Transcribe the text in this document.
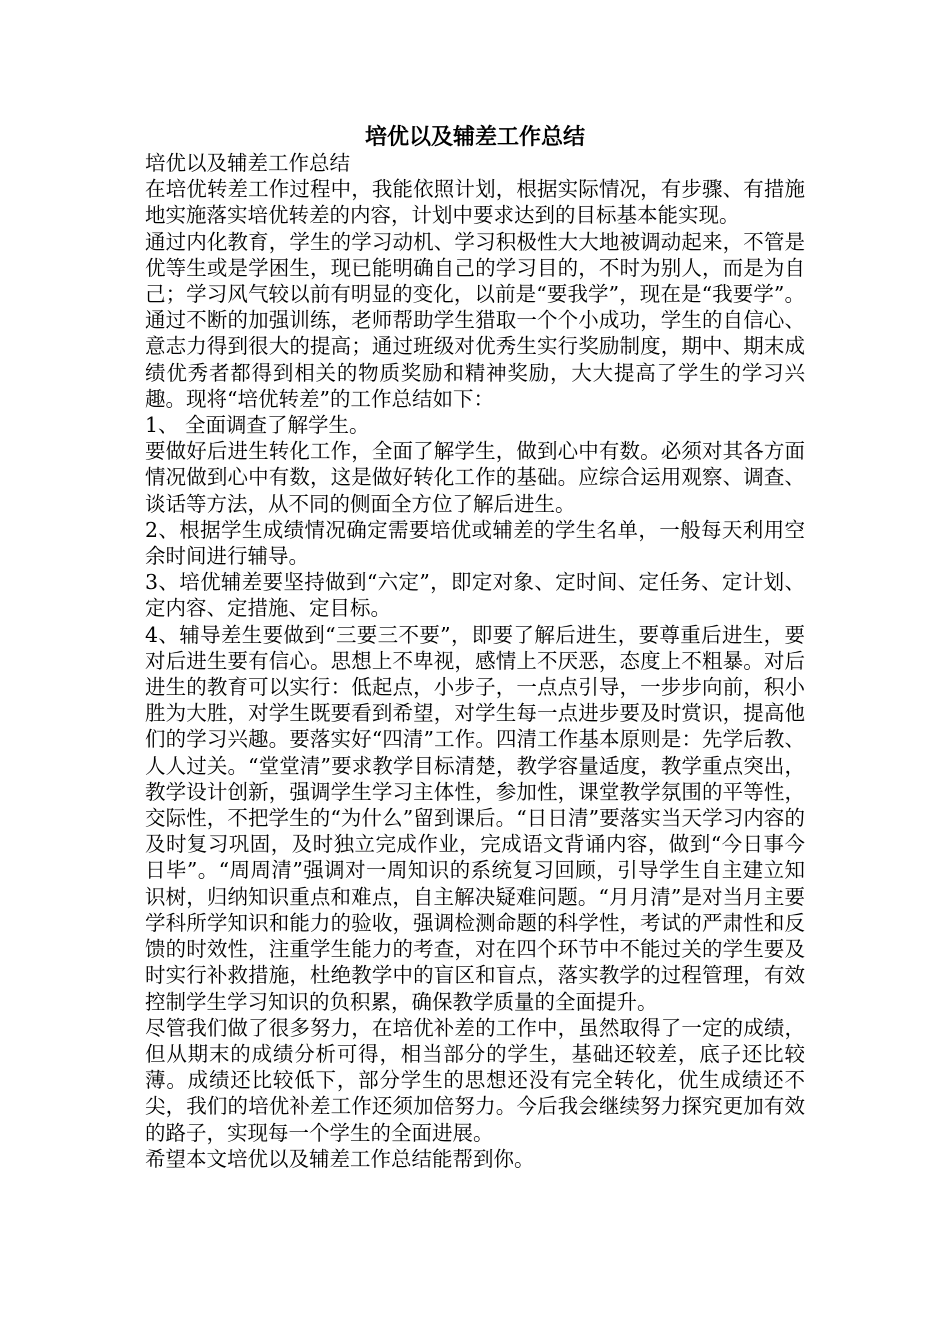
培优以及辅差工作总结

培优以及辅差工作总结

在培优转差工作过程中，我能依照计划，根据实际情况，有步骤、有措施地实施落实培优转差的内容，计划中要求达到的目标基本能实现。

通过内化教育，学生的学习动机、学习积极性大大地被调动起来，不管是优等生或是学困生，现已能明确自己的学习目的，不时为别人，而是为自己；学习风气较以前有明显的变化，以前是“要我学”，现在是“我要学”。通过不断的加强训练，老师帮助学生猎取一个个小成功，学生的自信心、意志力得到很大的提高；通过班级对优秀生实行奖励制度，期中、期末成绩优秀者都得到相关的物质奖励和精神奖励，大大提高了学生的学习兴趣。现将“培优转差”的工作总结如下：

1、 全面调查了解学生。

要做好后进生转化工作，全面了解学生，做到心中有数。必须对其各方面情况做到心中有数，这是做好转化工作的基础。应综合运用观察、调查、谈话等方法，从不同的侧面全方位了解后进生。

2、根据学生成绩情况确定需要培优或辅差的学生名单，一般每天利用空余时间进行辅导。

3、培优辅差要坚持做到“六定”，即定对象、定时间、定任务、定计划、定内容、定措施、定目标。

4、辅导差生要做到“三要三不要”，即要了解后进生，要尊重后进生，要对后进生要有信心。思想上不卑视，感情上不厌恶，态度上不粗暴。对后进生的教育可以实行：低起点，小步子，一点点引导，一步步向前，积小胜为大胜，对学生既要看到希望，对学生每一点进步要及时赏识，提高他们的学习兴趣。要落实好“四清”工作。四清工作基本原则是：先学后教、人人过关。“堂堂清”要求教学目标清楚，教学容量适度，教学重点突出，教学设计创新，强调学生学习主体性，参加性，课堂教学氛围的平等性，交际性，不把学生的“为什么”留到课后。“日日清”要落实当天学习内容的及时复习巩固，及时独立完成作业，完成语文背诵内容，做到“今日事今日毕”。“周周清”强调对一周知识的系统复习回顾，引导学生自主建立知识树，归纳知识重点和难点，自主解决疑难问题。“月月清”是对当月主要学科所学知识和能力的验收，强调检测命题的科学性，考试的严肃性和反馈的时效性，注重学生能力的考查，对在四个环节中不能过关的学生要及时实行补救措施，杜绝教学中的盲区和盲点，落实教学的过程管理，有效控制学生学习知识的负积累，确保教学质量的全面提升。

尽管我们做了很多努力，在培优补差的工作中，虽然取得了一定的成绩，但从期末的成绩分析可得，相当部分的学生，基础还较差，底子还比较薄。成绩还比较低下，部分学生的思想还没有完全转化，优生成绩还不尖，我们的培优补差工作还须加倍努力。今后我会继续努力探究更加有效的路子，实现每一个学生的全面进展。

希望本文培优以及辅差工作总结能帮到你。
